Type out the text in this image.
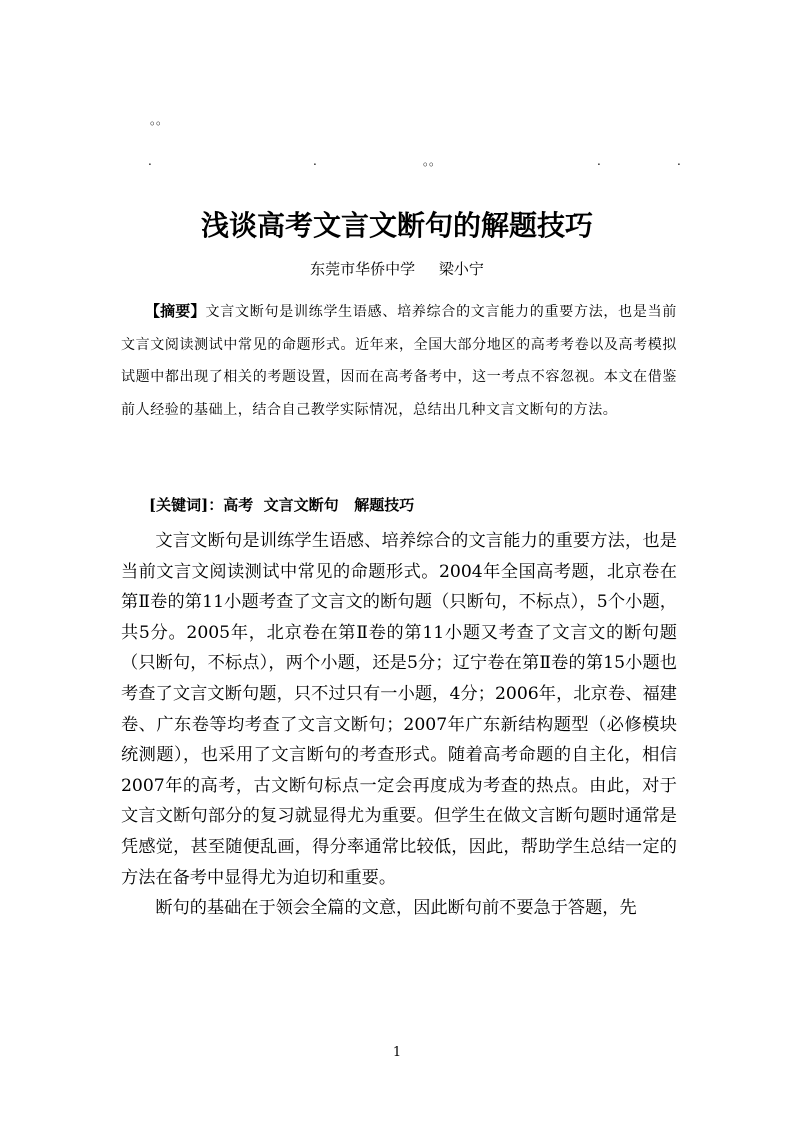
。。
.	.	。。	.	.
浅谈高考文言文断句的解题技巧
东莞市华侨中学     梁小宁
【摘要】文言文断句是训练学生语感、培养综合的文言能力的重要方法，也是当前文言文阅读测试中常见的命题形式。近年来，全国大部分地区的高考考卷以及高考模拟试题中都出现了相关的考题设置，因而在高考备考中，这一考点不容忽视。本文在借鉴前人经验的基础上，结合自己教学实际情况，总结出几种文言文断句的方法。
[关键词]：高考  文言文断句   解题技巧

文言文断句是训练学生语感、培养综合的文言能力的重要方法，也是当前文言文阅读测试中常见的命题形式。2004年全国高考题，北京卷在第Ⅱ卷的第11小题考查了文言文的断句题（只断句，不标点），5个小题，共5分。2005年，北京卷在第Ⅱ卷的第11小题又考查了文言文的断句题（只断句，不标点），两个小题，还是5分；辽宁卷在第Ⅱ卷的第15小题也考查了文言文断句题，只不过只有一小题，4分；2006年，北京卷、福建卷、广东卷等均考查了文言文断句；2007年广东新结构题型（必修模块统测题），也采用了文言断句的考查形式。随着高考命题的自主化，相信2007年的高考，古文断句标点一定会再度成为考查的热点。由此，对于文言文断句部分的复习就显得尤为重要。但学生在做文言断句题时通常是凭感觉，甚至随便乱画，得分率通常比较低，因此，帮助学生总结一定的方法在备考中显得尤为迫切和重要。

断句的基础在于领会全篇的文意，因此断句前不要急于答题，先

1
